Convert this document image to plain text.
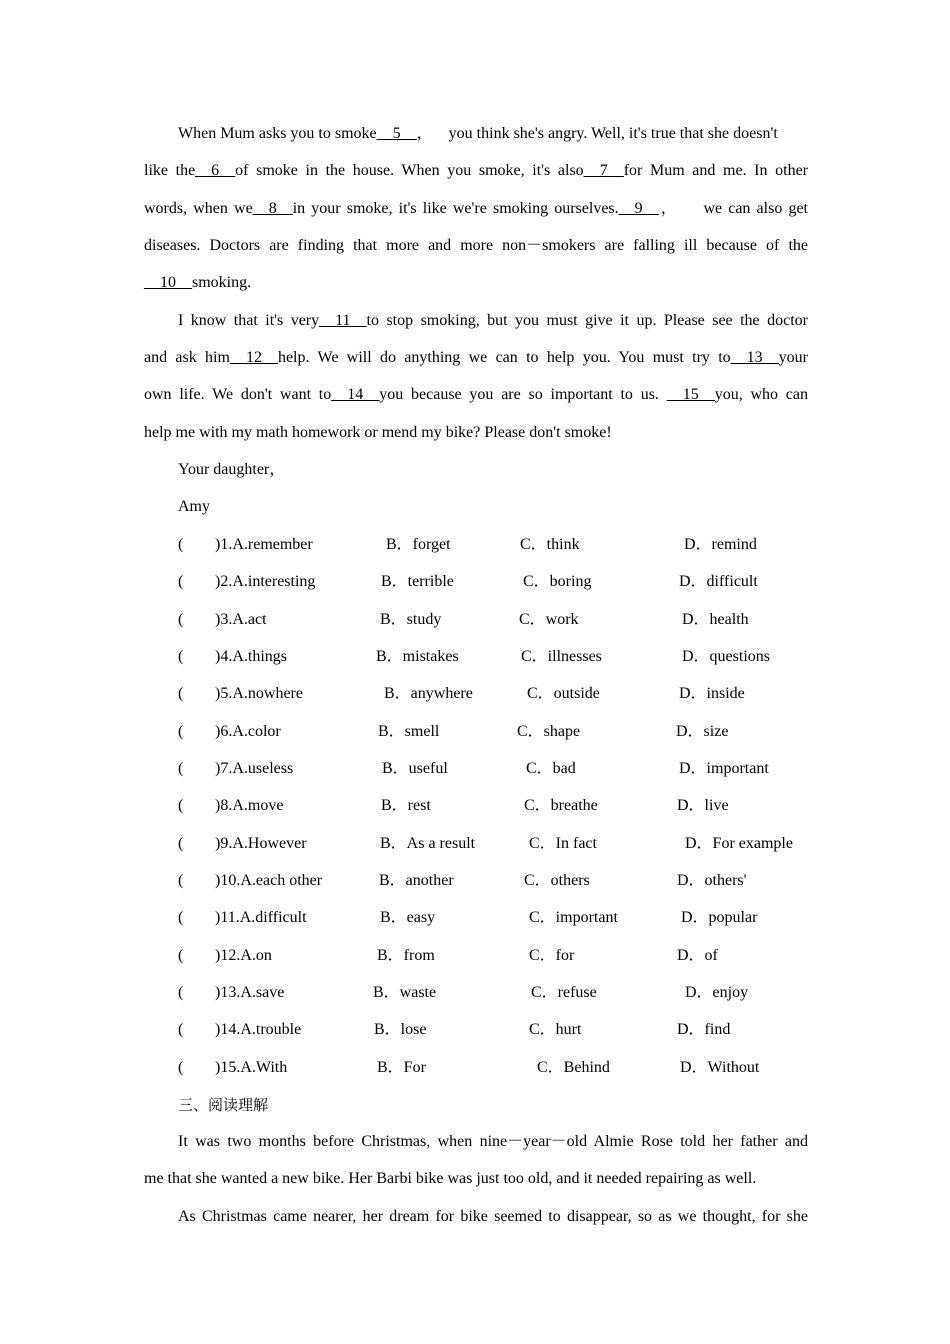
When Mum asks you to smoke__5__， you think she's angry. Well, it's true that she doesn't
like the__6__of smoke in the house. When you smoke, it's also__7__for Mum and me. In other
words, when we__8__in your smoke, it's like we're smoking ourselves.__9__， we can also get
diseases. Doctors are finding that more and more non－smokers are falling ill because of the
__10__smoking.
I know that it's very__11__to stop smoking, but you must give it up. Please see the doctor
and ask him__12__help. We will do anything we can to help you. You must try to__13__your
own life. We don't want to__14__you because you are so important to us. __15__you, who can
help me with my math homework or mend my bike? Please don't smoke!
Your daughter，
Amy
( )1.A.remember	B．forget	C．think	D．remind
( )2.A.interesting	B．terrible	C．boring	D．difficult
( )3.A.act	B．study	C．work	D．health
( )4.A.things	B．mistakes	C．illnesses	D．questions
( )5.A.nowhere	B．anywhere	C．outside	D．inside
( )6.A.color	B．smell	C．shape	D．size
( )7.A.useless	B．useful	C．bad	D．important
( )8.A.move	B．rest	C．breathe	D．live
( )9.A.However	B．As a result	C．In fact	D．For example
( )10.A.each other	B．another	C．others	D．others'
( )11.A.difficult	B．easy	C．important	D．popular
( )12.A.on	B．from	C．for	D．of
( )13.A.save	B．waste	C．refuse	D．enjoy
( )14.A.trouble	B．lose	C．hurt	D．find
( )15.A.With	B．For	C．Behind	D．Without
三、阅读理解
It was two months before Christmas, when nine－year－old Almie Rose told her father and
me that she wanted a new bike. Her Barbi bike was just too old, and it needed repairing as well.
As Christmas came nearer, her dream for bike seemed to disappear, so as we thought, for she
